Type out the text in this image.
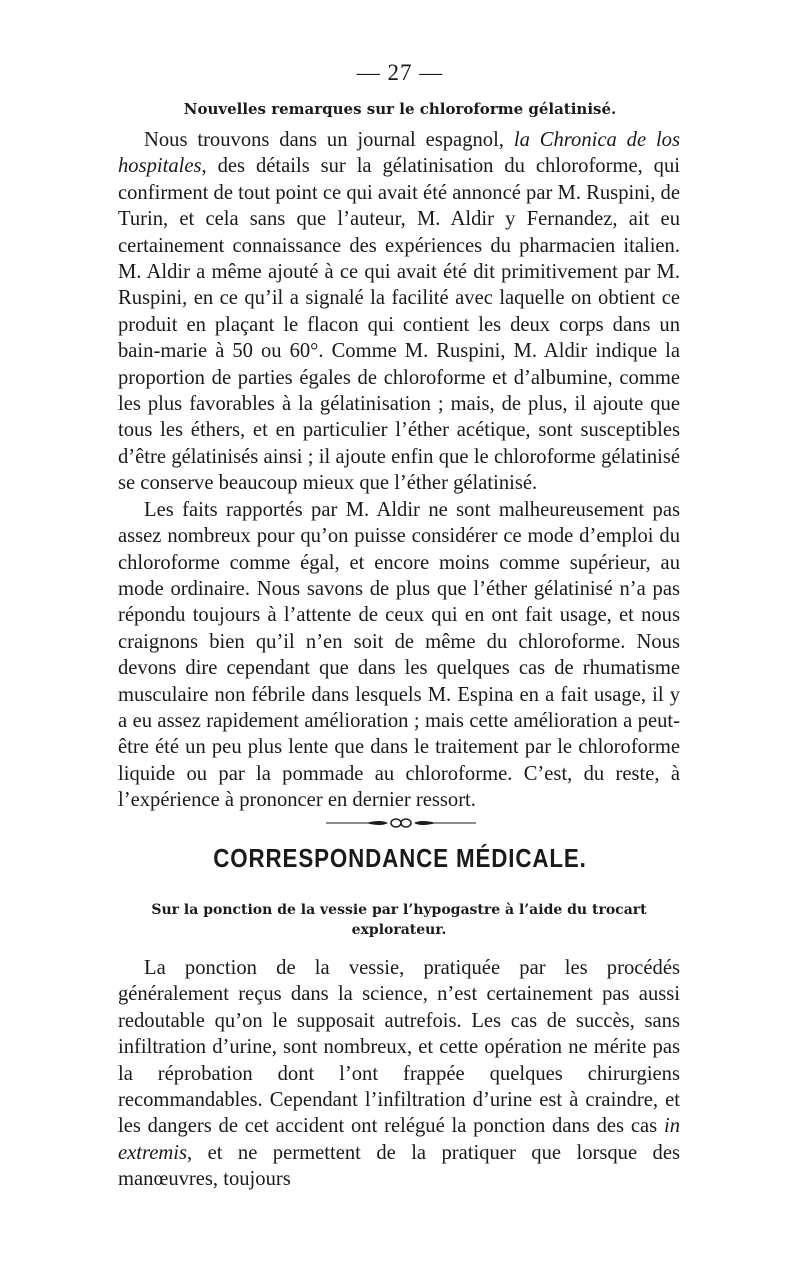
— 27 —
Nouvelles remarques sur le chloroforme gélatinisé.

Nous trouvons dans un journal espagnol, la Chronica de los hospitales, des détails sur la gélatinisation du chloroforme, qui confirment de tout point ce qui avait été annoncé par M. Ruspini, de Turin, et cela sans que l’auteur, M. Aldir y Fernandez, ait eu certainement connaissance des expériences du pharmacien italien. M. Aldir a même ajouté à ce qui avait été dit primitivement par M. Ruspini, en ce qu’il a signalé la facilité avec laquelle on obtient ce produit en plaçant le flacon qui contient les deux corps dans un bain-marie à 50 ou 60°. Comme M. Ruspini, M. Aldir indique la proportion de parties égales de chloroforme et d’albumine, comme les plus favorables à la gélatinisation ; mais, de plus, il ajoute que tous les éthers, et en particulier l’éther acétique, sont susceptibles d’être gélatinisés ainsi ; il ajoute enfin que le chloroforme gélatinisé se conserve beaucoup mieux que l’éther gélatinisé.

Les faits rapportés par M. Aldir ne sont malheureusement pas assez nombreux pour qu’on puisse considérer ce mode d’emploi du chloroforme comme égal, et encore moins comme supérieur, au mode ordinaire. Nous savons de plus que l’éther gélatinisé n’a pas répondu toujours à l’attente de ceux qui en ont fait usage, et nous craignons bien qu’il n’en soit de même du chloroforme. Nous devons dire cependant que dans les quelques cas de rhumatisme musculaire non fébrile dans lesquels M. Espina en a fait usage, il y a eu assez rapidement amélioration ; mais cette amélioration a peut-être été un peu plus lente que dans le traitement par le chloroforme liquide ou par la pommade au chloroforme. C’est, du reste, à l’expérience à prononcer en dernier ressort.

CORRESPONDANCE MÉDICALE.
Sur la ponction de la vessie par l’hypogastre à l’aide du trocart explorateur.

La ponction de la vessie, pratiquée par les procédés généralement reçus dans la science, n’est certainement pas aussi redoutable qu’on le supposait autrefois. Les cas de succès, sans infiltration d’urine, sont nombreux, et cette opération ne mérite pas la réprobation dont l’ont frappée quelques chirurgiens recommandables. Cependant l’infiltration d’urine est à craindre, et les dangers de cet accident ont relégué la ponction dans des cas in extremis, et ne permettent de la pratiquer que lorsque des manœuvres, toujours
